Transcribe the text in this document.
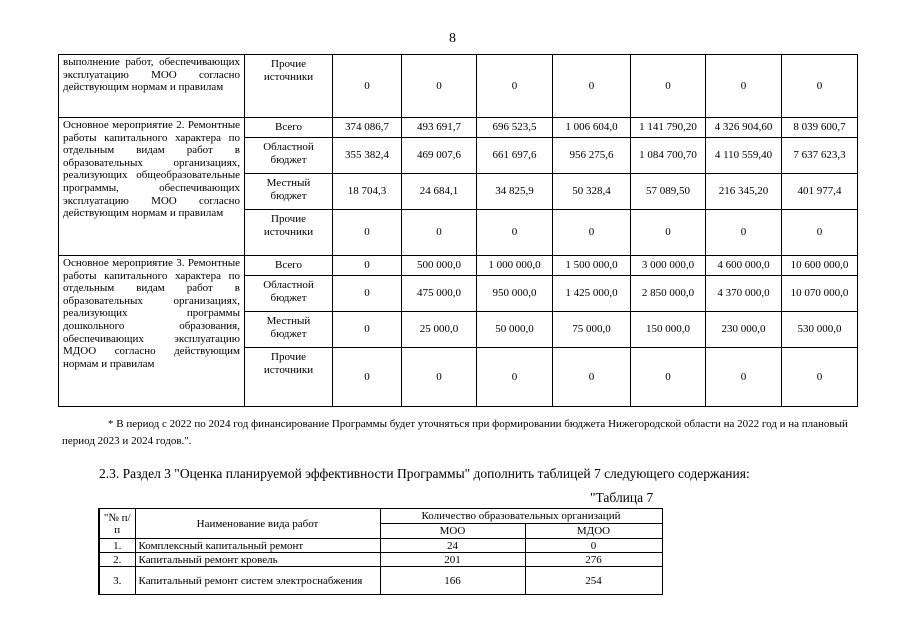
8
выполнение работ, обеспечивающих эксплуатацию МОО согласно действующим нормам и правилам	Прочие источники	0	0	0	0	0	0	0
Основное мероприятие 2. Ремонтные работы капитального характера по отдельным видам работ в образовательных организациях, реализующих общеобразовательные программы, обеспечивающих эксплуатацию МОО согласно действующим нормам и правилам	Всего	374 086,7	493 691,7	696 523,5	1 006 604,0	1 141 790,20	4 326 904,60	8 039 600,7
	Областной бюджет	355 382,4	469 007,6	661 697,6	956 275,6	1 084 700,70	4 110 559,40	7 637 623,3
	Местный бюджет	18 704,3	24 684,1	34 825,9	50 328,4	57 089,50	216 345,20	401 977,4
	Прочие источники	0	0	0	0	0	0	0
Основное мероприятие 3. Ремонтные работы капитального характера по отдельным видам работ в образовательных организациях, реализующих программы дошкольного образования, обеспечивающих эксплуатацию МДОО согласно действующим нормам и правилам	Всего	0	500 000,0	1 000 000,0	1 500 000,0	3 000 000,0	4 600 000,0	10 600 000,0
	Областной бюджет	0	475 000,0	950 000,0	1 425 000,0	2 850 000,0	4 370 000,0	10 070 000,0
	Местный бюджет	0	25 000,0	50 000,0	75 000,0	150 000,0	230 000,0	530 000,0
	Прочие источники	0	0	0	0	0	0	0
* В период с 2022 по 2024 год финансирование Программы будет уточняться при формировании бюджета Нижегородской области на 2022 год и на плановый период 2023 и 2024 годов.".
2.3. Раздел 3 "Оценка планируемой эффективности Программы" дополнить таблицей 7 следующего содержания:
"Таблица 7
"№ п/п	Наименование вида работ	Количество образовательных организаций	
		МОО	МДОО
1.	Комплексный капитальный ремонт	24	0
2.	Капитальный ремонт кровель	201	276
3.	Капитальный ремонт систем электроснабжения	166	254
